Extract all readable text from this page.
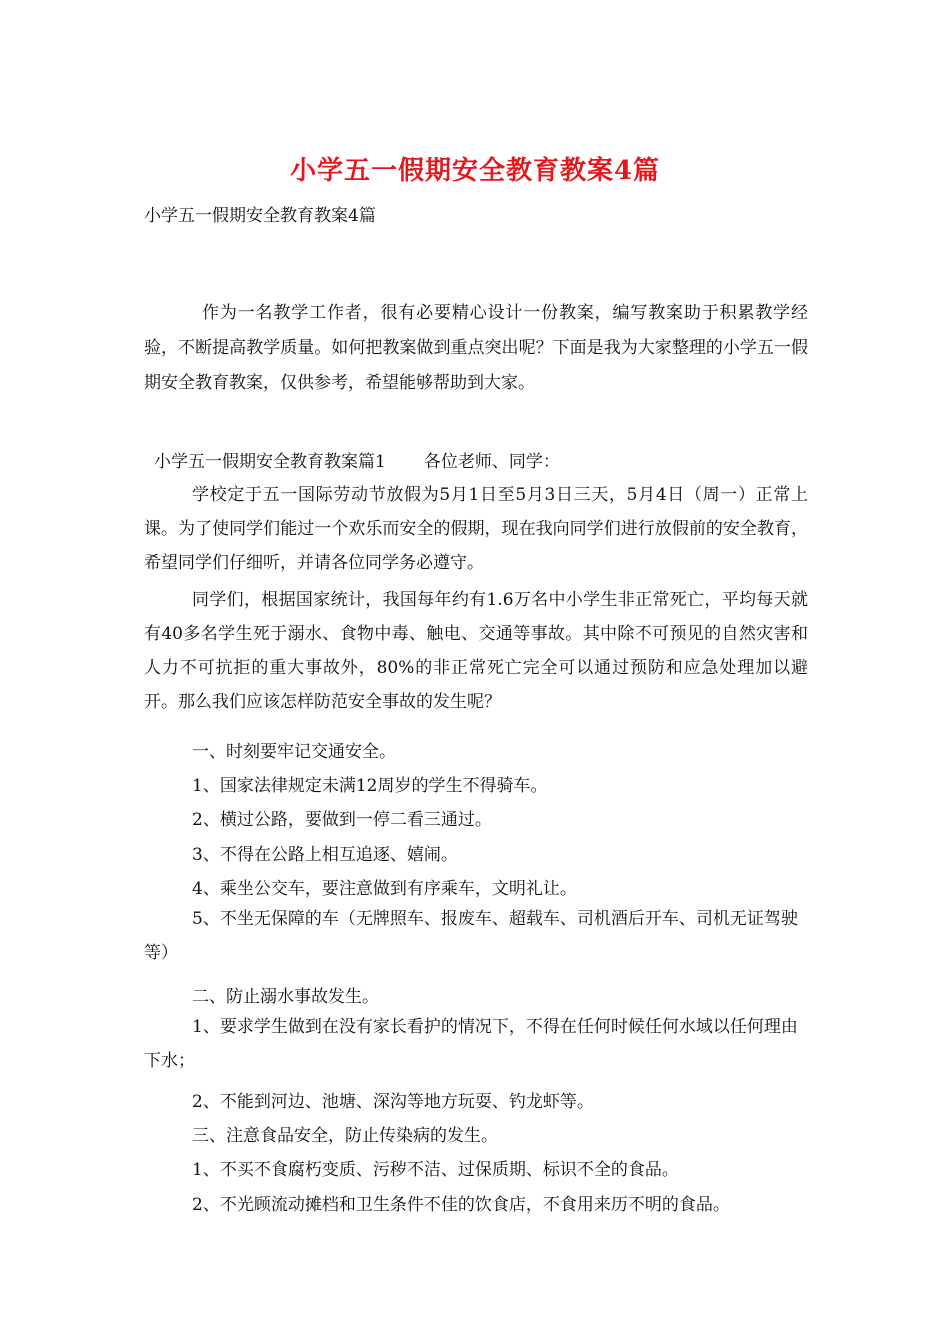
小学五一假期安全教育教案4篇
小学五一假期安全教育教案4篇
作为一名教学工作者，很有必要精心设计一份教案，编写教案助于积累教学经验，不断提高教学质量。如何把教案做到重点突出呢？下面是我为大家整理的小学五一假期安全教育教案，仅供参考，希望能够帮助到大家。
小学五一假期安全教育教案篇1 各位老师、同学：
学校定于五一国际劳动节放假为5月1日至5月3日三天，5月4日（周一）正常上课。为了使同学们能过一个欢乐而安全的假期，现在我向同学们进行放假前的安全教育，希望同学们仔细听，并请各位同学务必遵守。
同学们，根据国家统计，我国每年约有1.6万名中小学生非正常死亡，平均每天就有40多名学生死于溺水、食物中毒、触电、交通等事故。其中除不可预见的自然灾害和人力不可抗拒的重大事故外，80%的非正常死亡完全可以通过预防和应急处理加以避开。那么我们应该怎样防范安全事故的发生呢？
一、时刻要牢记交通安全。
1、国家法律规定未满12周岁的学生不得骑车。
2、横过公路，要做到一停二看三通过。
3、不得在公路上相互追逐、嬉闹。
4、乘坐公交车，要注意做到有序乘车，文明礼让。
5、不坐无保障的车（无牌照车、报废车、超载车、司机酒后开车、司机无证驾驶等）
二、防止溺水事故发生。
1、要求学生做到在没有家长看护的情况下，不得在任何时候任何水域以任何理由下水；
2、不能到河边、池塘、深沟等地方玩耍、钓龙虾等。
三、注意食品安全，防止传染病的发生。
1、不买不食腐朽变质、污秽不洁、过保质期、标识不全的食品。
2、不光顾流动摊档和卫生条件不佳的饮食店，不食用来历不明的食品。
